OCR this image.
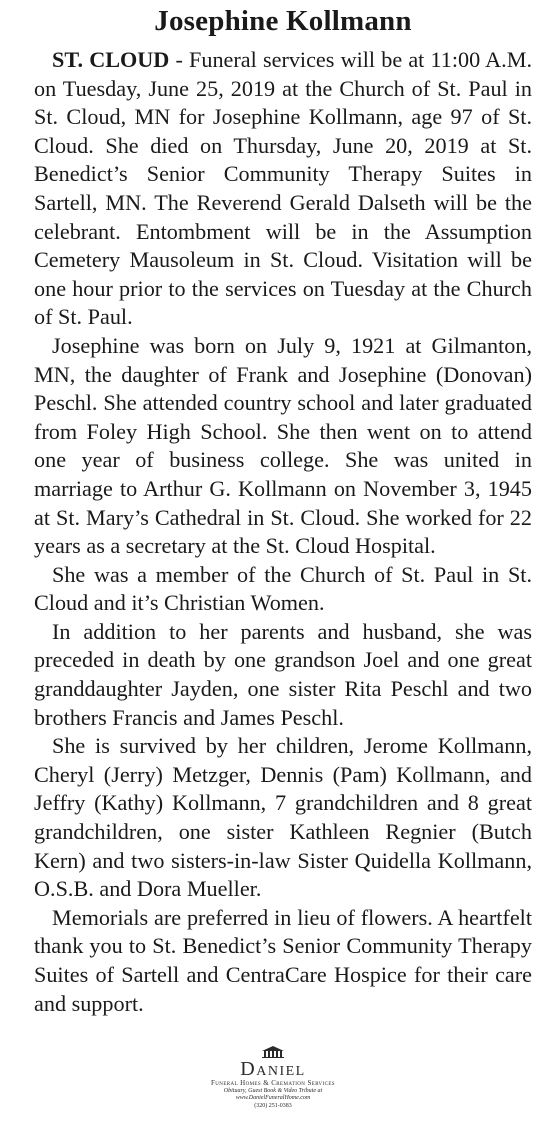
Josephine Kollmann

ST. CLOUD - Funeral services will be at 11:00 A.M. on Tuesday, June 25, 2019 at the Church of St. Paul in St. Cloud, MN for Josephine Kollmann, age 97 of St. Cloud. She died on Thursday, June 20, 2019 at St. Benedict’s Senior Community Therapy Suites in Sartell, MN. The Reverend Gerald Dalseth will be the celebrant. Entombment will be in the Assumption Cemetery Mausoleum in St. Cloud. Visitation will be one hour prior to the services on Tuesday at the Church of St. Paul.

Josephine was born on July 9, 1921 at Gilmanton, MN, the daughter of Frank and Josephine (Donovan) Peschl. She attended country school and later graduated from Foley High School. She then went on to attend one year of business college. She was united in marriage to Arthur G. Kollmann on November 3, 1945 at St. Mary’s Cathedral in St. Cloud. She worked for 22 years as a secretary at the St. Cloud Hospital.

She was a member of the Church of St. Paul in St. Cloud and it’s Christian Women.

In addition to her parents and husband, she was preceded in death by one grandson Joel and one great granddaughter Jayden, one sister Rita Peschl and two brothers Francis and James Peschl.

She is survived by her children, Jerome Kollmann, Cheryl (Jerry) Metzger, Dennis (Pam) Kollmann, and Jeffry (Kathy) Kollmann, 7 grandchildren and 8 great grandchildren, one sister Kathleen Regnier (Butch Kern) and two sisters-in-law Sister Quidella Kollmann, O.S.B. and Dora Mueller.

Memorials are preferred in lieu of flowers. A heartfelt thank you to St. Benedict’s Senior Community Therapy Suites of Sartell and CentraCare Hospice for their care and support.

Daniel
Funeral Homes & Cremation Services
Obituary, Guest Book & Video Tribute at
www.DanielFuneralHome.com
(320) 251-0383
